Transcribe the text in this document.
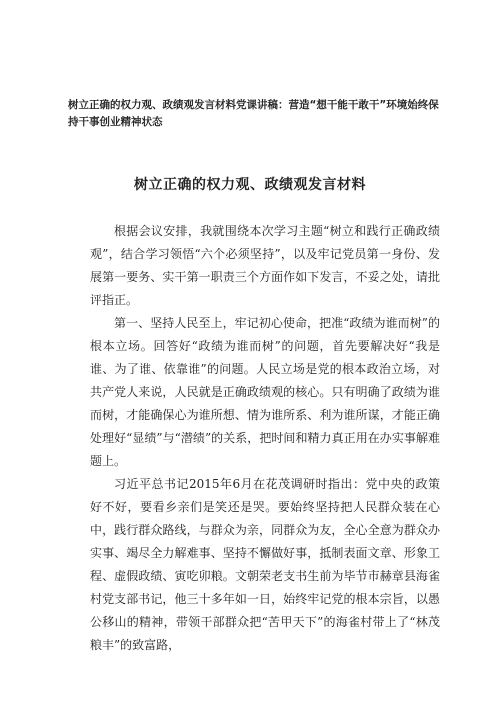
树立正确的权力观、政绩观发言材料党课讲稿：营造“想干能干敢干”环境始终保持干事创业精神状态
树立正确的权力观、政绩观发言材料

根据会议安排，我就围绕本次学习主题“树立和践行正确政绩观”，结合学习领悟“六个必须坚持”，以及牢记党员第一身份、发展第一要务、实干第一职责三个方面作如下发言，不妥之处，请批评指正。

第一、坚持人民至上，牢记初心使命，把准“政绩为谁而树”的根本立场。回答好“政绩为谁而树”的问题，首先要解决好“我是谁、为了谁、依靠谁”的问题。人民立场是党的根本政治立场，对共产党人来说，人民就是正确政绩观的核心。只有明确了政绩为谁而树，才能确保心为谁所想、情为谁所系、利为谁所谋，才能正确处理好“显绩”与“潜绩”的关系，把时间和精力真正用在办实事解难题上。

习近平总书记2015年6月在花茂调研时指出：党中央的政策好不好，要看乡亲们是笑还是哭。要始终坚持把人民群众装在心中，践行群众路线，与群众为亲，同群众为友，全心全意为群众办实事、竭尽全力解难事、坚持不懈做好事，抵制表面文章、形象工程、虚假政绩、寅吃卯粮。文朝荣老支书生前为毕节市赫章县海雀村党支部书记，他三十多年如一日，始终牢记党的根本宗旨，以愚公移山的精神，带领干部群众把“苦甲天下”的海雀村带上了“林茂粮丰”的致富路，
